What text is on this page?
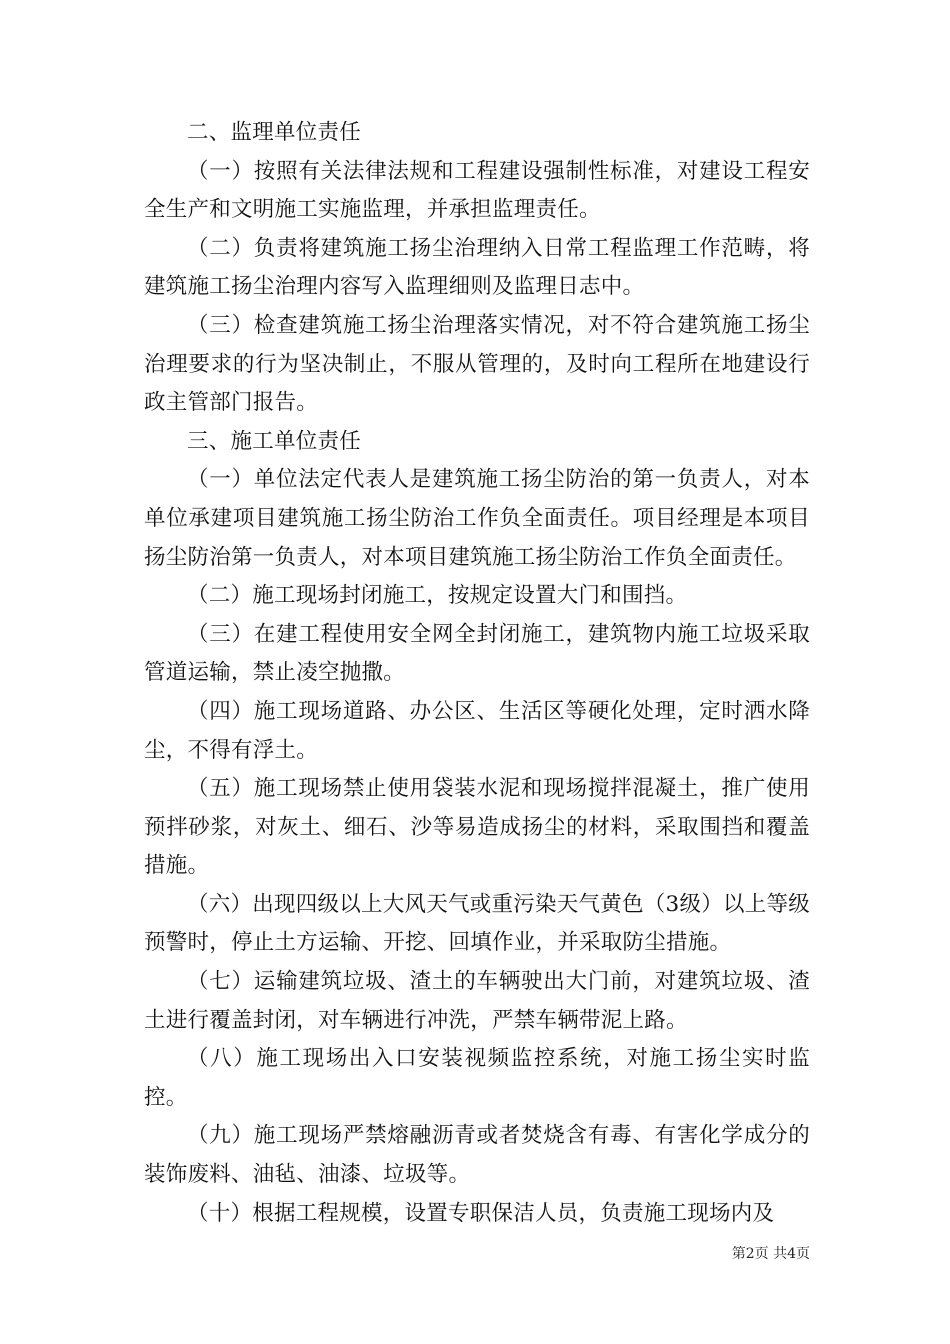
二、监理单位责任

（一）按照有关法律法规和工程建设强制性标准，对建设工程安全生产和文明施工实施监理，并承担监理责任。

（二）负责将建筑施工扬尘治理纳入日常工程监理工作范畴，将建筑施工扬尘治理内容写入监理细则及监理日志中。

（三）检查建筑施工扬尘治理落实情况，对不符合建筑施工扬尘治理要求的行为坚决制止，不服从管理的，及时向工程所在地建设行政主管部门报告。

三、施工单位责任

（一）单位法定代表人是建筑施工扬尘防治的第一负责人，对本单位承建项目建筑施工扬尘防治工作负全面责任。项目经理是本项目扬尘防治第一负责人，对本项目建筑施工扬尘防治工作负全面责任。

（二）施工现场封闭施工，按规定设置大门和围挡。

（三）在建工程使用安全网全封闭施工，建筑物内施工垃圾采取管道运输，禁止凌空抛撒。

（四）施工现场道路、办公区、生活区等硬化处理，定时洒水降尘，不得有浮土。

（五）施工现场禁止使用袋装水泥和现场搅拌混凝土，推广使用预拌砂浆，对灰土、细石、沙等易造成扬尘的材料，采取围挡和覆盖措施。

（六）出现四级以上大风天气或重污染天气黄色（3级）以上等级预警时，停止土方运输、开挖、回填作业，并采取防尘措施。

（七）运输建筑垃圾、渣土的车辆驶出大门前，对建筑垃圾、渣土进行覆盖封闭，对车辆进行冲洗，严禁车辆带泥上路。

（八）施工现场出入口安装视频监控系统，对施工扬尘实时监控。

（九）施工现场严禁熔融沥青或者焚烧含有毒、有害化学成分的装饰废料、油毡、油漆、垃圾等。

（十）根据工程规模，设置专职保洁人员，负责施工现场内及

第2页 共4页
